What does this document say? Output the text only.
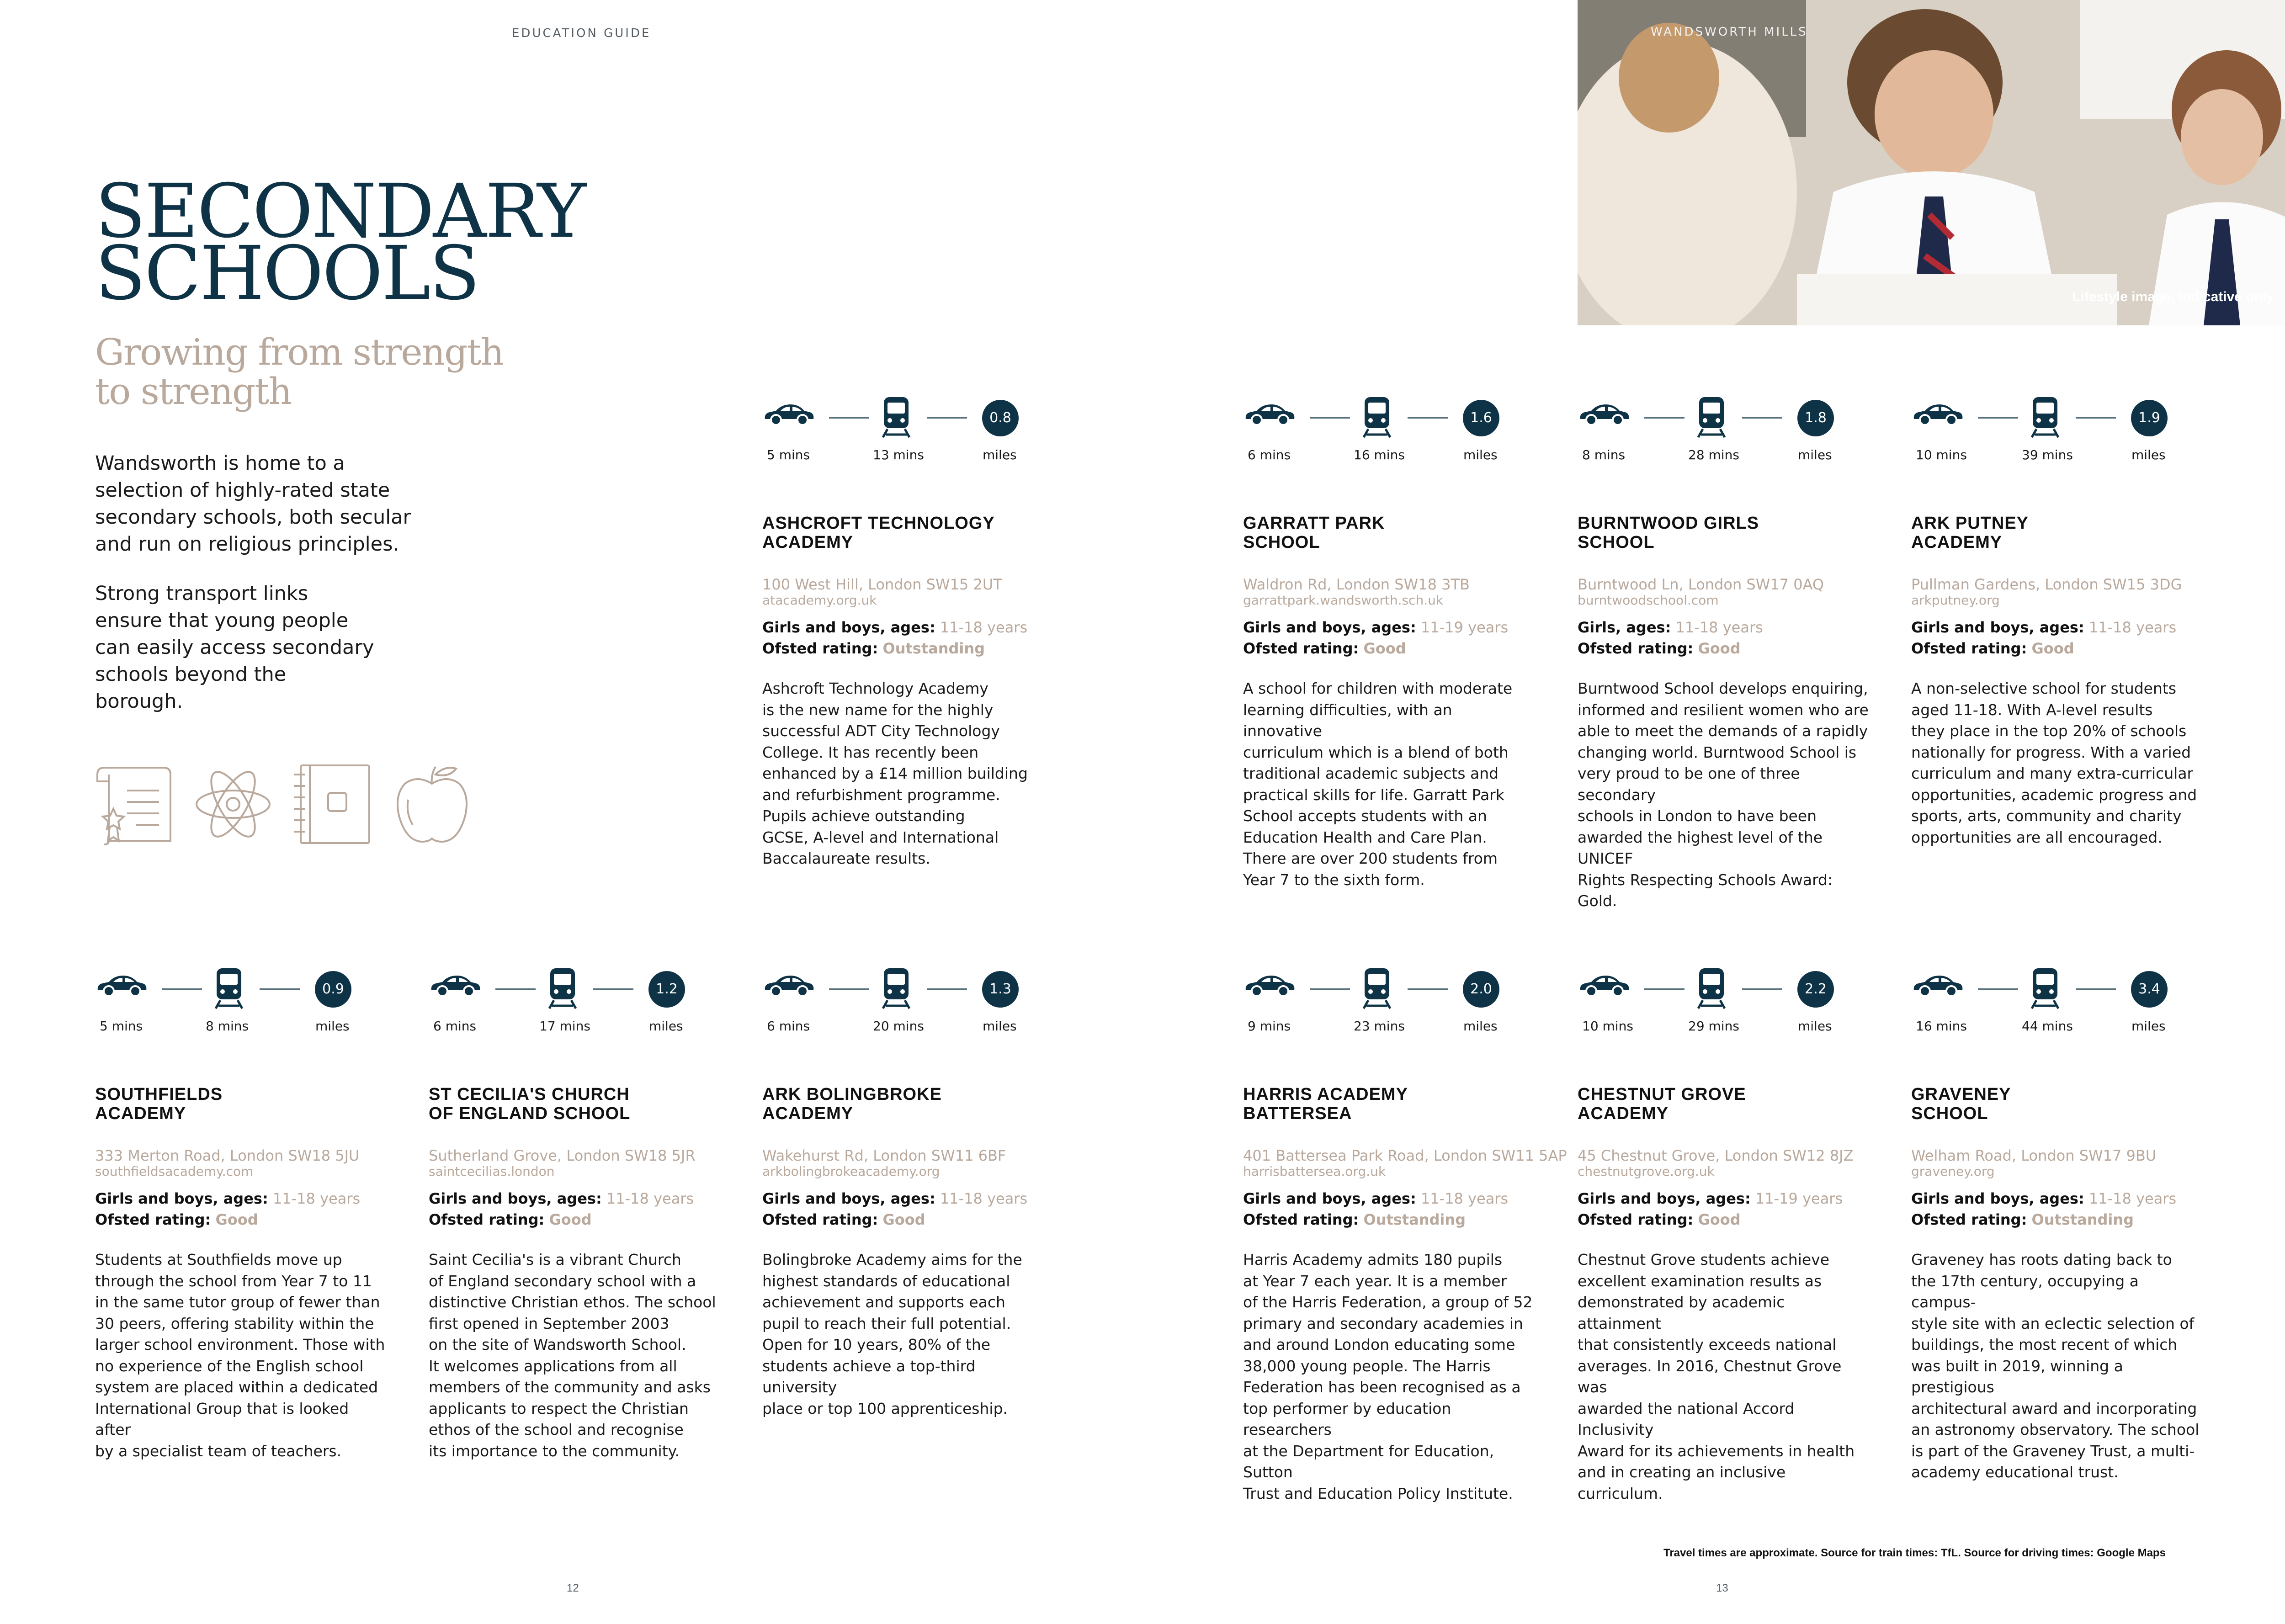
EDUCATION GUIDE	WANDSWORTH MILLS
Lifestyle image, indicative only
SECONDARY
SCHOOLS
Growing from strength
to strength
Wandsworth is home to a selection of highly-rated state secondary schools, both secular and run on religious principles.
Strong transport links ensure that young people can easily access secondary schools beyond the borough.
0.8
5 mins	13 mins	miles
ASHCROFT TECHNOLOGY
ACADEMY
100 West Hill, London SW15 2UT
atacademy.org.uk
Girls and boys, ages: 11-18 years
Ofsted rating: Outstanding
Ashcroft Technology Academy
is the new name for the highly
successful ADT City Technology
College. It has recently been
enhanced by a £14 million building
and refurbishment programme.
Pupils achieve outstanding
GCSE, A-level and International
Baccalaureate results.
1.6
6 mins	16 mins	miles
GARRATT PARK
SCHOOL
Waldron Rd, London SW18 3TB
garrattpark.wandsworth.sch.uk
Girls and boys, ages: 11-19 years
Ofsted rating: Good
A school for children with moderate
learning difficulties, with an innovative
curriculum which is a blend of both
traditional academic subjects and
practical skills for life. Garratt Park
School accepts students with an
Education Health and Care Plan.
There are over 200 students from
Year 7 to the sixth form.
1.8
8 mins	28 mins	miles
BURNTWOOD GIRLS
SCHOOL
Burntwood Ln, London SW17 0AQ
burntwoodschool.com
Girls, ages: 11-18 years
Ofsted rating: Good
Burntwood School develops enquiring,
informed and resilient women who are
able to meet the demands of a rapidly
changing world. Burntwood School is
very proud to be one of three secondary
schools in London to have been
awarded the highest level of the UNICEF
Rights Respecting Schools Award: Gold.
1.9
10 mins	39 mins	miles
ARK PUTNEY
ACADEMY
Pullman Gardens, London SW15 3DG
arkputney.org
Girls and boys, ages: 11-18 years
Ofsted rating: Good
A non-selective school for students
aged 11-18. With A-level results
they place in the top 20% of schools
nationally for progress. With a varied
curriculum and many extra-curricular
opportunities, academic progress and
sports, arts, community and charity
opportunities are all encouraged.
0.9
5 mins	8 mins	miles
SOUTHFIELDS
ACADEMY
333 Merton Road, London SW18 5JU
southfieldsacademy.com
Girls and boys, ages: 11-18 years
Ofsted rating: Good
Students at Southfields move up
through the school from Year 7 to 11
in the same tutor group of fewer than
30 peers, offering stability within the
larger school environment. Those with
no experience of the English school
system are placed within a dedicated
International Group that is looked after
by a specialist team of teachers.
1.2
6 mins	17 mins	miles
ST CECILIA'S CHURCH
OF ENGLAND SCHOOL
Sutherland Grove, London SW18 5JR
saintcecilias.london
Girls and boys, ages: 11-18 years
Ofsted rating: Good
Saint Cecilia's is a vibrant Church
of England secondary school with a
distinctive Christian ethos. The school
first opened in September 2003
on the site of Wandsworth School.
It welcomes applications from all
members of the community and asks
applicants to respect the Christian
ethos of the school and recognise
its importance to the community.
1.3
6 mins	20 mins	miles
ARK BOLINGBROKE
ACADEMY
Wakehurst Rd, London SW11 6BF
arkbolingbrokeacademy.org
Girls and boys, ages: 11-18 years
Ofsted rating: Good
Bolingbroke Academy aims for the
highest standards of educational
achievement and supports each
pupil to reach their full potential.
Open for 10 years, 80% of the
students achieve a top-third university
place or top 100 apprenticeship.
2.0
9 mins	23 mins	miles
HARRIS ACADEMY
BATTERSEA
401 Battersea Park Road, London SW11 5AP
harrisbattersea.org.uk
Girls and boys, ages: 11-18 years
Ofsted rating: Outstanding
Harris Academy admits 180 pupils
at Year 7 each year. It is a member
of the Harris Federation, a group of 52
primary and secondary academies in
and around London educating some
38,000 young people. The Harris
Federation has been recognised as a
top performer by education researchers
at the Department for Education, Sutton
Trust and Education Policy Institute.
2.2
10 mins	29 mins	miles
CHESTNUT GROVE
ACADEMY
45 Chestnut Grove, London SW12 8JZ
chestnutgrove.org.uk
Girls and boys, ages: 11-19 years
Ofsted rating: Good
Chestnut Grove students achieve
excellent examination results as
demonstrated by academic attainment
that consistently exceeds national
averages. In 2016, Chestnut Grove was
awarded the national Accord Inclusivity
Award for its achievements in health
and in creating an inclusive curriculum.
3.4
16 mins	44 mins	miles
GRAVENEY
SCHOOL
Welham Road, London SW17 9BU
graveney.org
Girls and boys, ages: 11-18 years
Ofsted rating: Outstanding
Graveney has roots dating back to
the 17th century, occupying a campus-
style site with an eclectic selection of
buildings, the most recent of which
was built in 2019, winning a prestigious
architectural award and incorporating
an astronomy observatory. The school
is part of the Graveney Trust, a multi-
academy educational trust.
Travel times are approximate. Source for train times: TfL. Source for driving times: Google Maps
12	13
